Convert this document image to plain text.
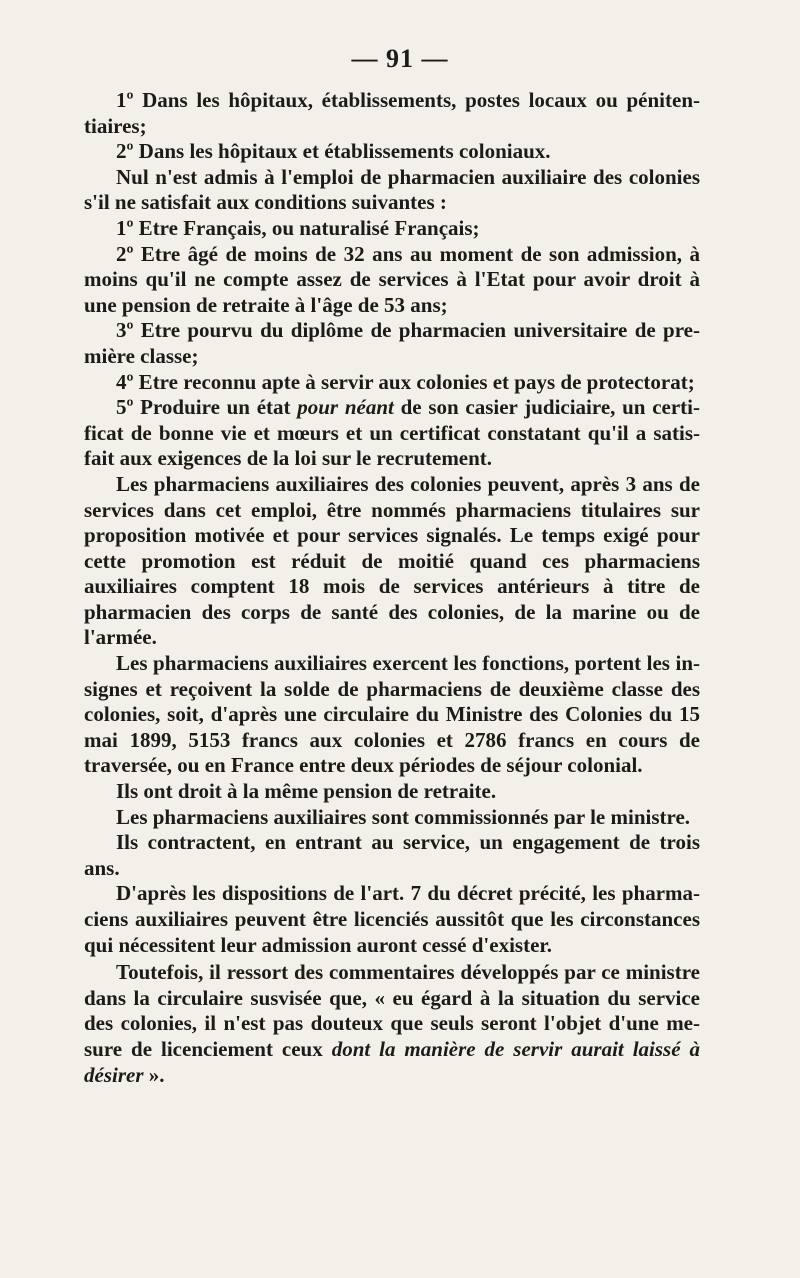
— 91 —

1º Dans les hôpitaux, établissements, postes locaux ou péniten- tiaires;

2º Dans les hôpitaux et établissements coloniaux.

Nul n'est admis à l'emploi de pharmacien auxiliaire des colonies s'il ne satisfait aux conditions suivantes :

1º Etre Français, ou naturalisé Français;

2º Etre âgé de moins de 32 ans au moment de son admission, à moins qu'il ne compte assez de services à l'Etat pour avoir droit à une pension de retraite à l'âge de 53 ans;

3º Etre pourvu du diplôme de pharmacien universitaire de pre- mière classe;

4º Etre reconnu apte à servir aux colonies et pays de protectorat;

5º Produire un état pour néant de son casier judiciaire, un certi- ficat de bonne vie et mœurs et un certificat constatant qu'il a satis- fait aux exigences de la loi sur le recrutement.

Les pharmaciens auxiliaires des colonies peuvent, après 3 ans de services dans cet emploi, être nommés pharmaciens titulaires sur proposition motivée et pour services signalés. Le temps exigé pour cette promotion est réduit de moitié quand ces pharmaciens auxiliaires comptent 18 mois de services antérieurs à titre de pharmacien des corps de santé des colonies, de la marine ou de l'armée.

Les pharmaciens auxiliaires exercent les fonctions, portent les in- signes et reçoivent la solde de pharmaciens de deuxième classe des colonies, soit, d'après une circulaire du Ministre des Colonies du 15 mai 1899, 5153 francs aux colonies et 2786 francs en cours de traversée, ou en France entre deux périodes de séjour colonial.

Ils ont droit à la même pension de retraite.

Les pharmaciens auxiliaires sont commissionnés par le ministre.

Ils contractent, en entrant au service, un engagement de trois ans.

D'après les dispositions de l'art. 7 du décret précité, les pharma- ciens auxiliaires peuvent être licenciés aussitôt que les circonstances qui nécessitent leur admission auront cessé d'exister.

Toutefois, il ressort des commentaires développés par ce ministre dans la circulaire susvisée que, « eu égard à la situation du service des colonies, il n'est pas douteux que seuls seront l'objet d'une me- sure de licenciement ceux dont la manière de servir aurait laissé à désirer ».
